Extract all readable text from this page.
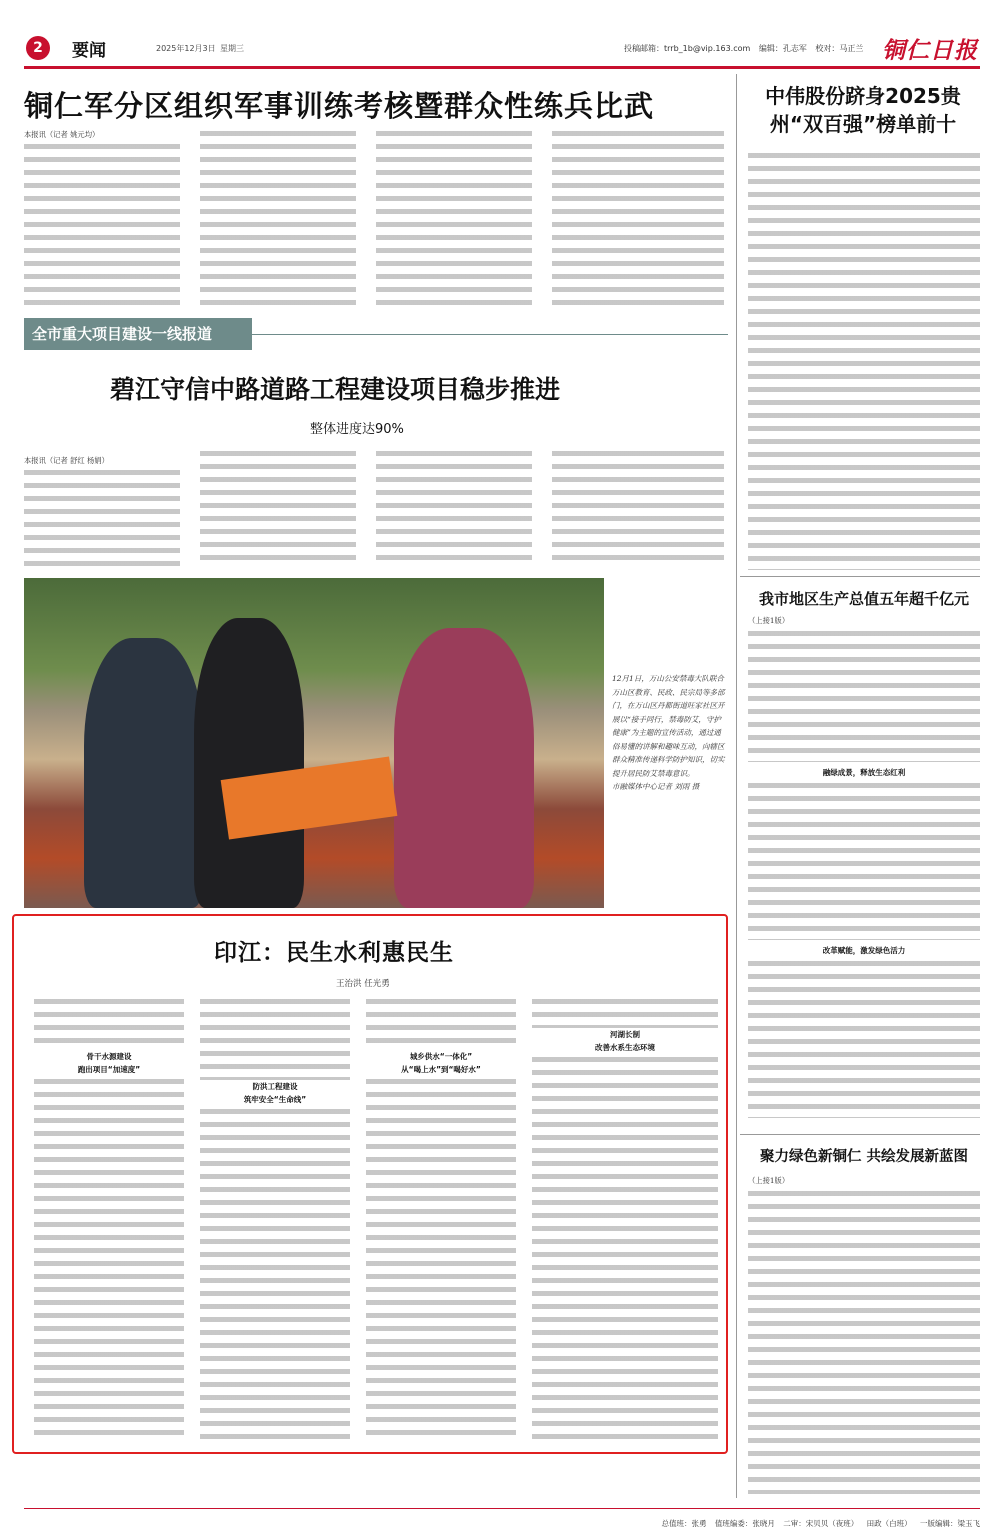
2	要闻	2025年12月3日 星期三	投稿邮箱：trrb_1b@vip.163.com 编辑：孔志军 校对：马正兰 铜仁日报
铜仁军分区组织军事训练考核暨群众性练兵比武
本报讯（记者 姚元均）
全市重大项目建设一线报道
碧江守信中路道路工程建设项目稳步推进
整体进度达90%
本报讯（记者 舒红 杨娟）
12月1日，万山公安禁毒大队联合万山区教育、民政、民宗局等多部门，在万山区丹都街道旺家社区开展以“接手同行，禁毒防艾，守护健康”为主题的宣传活动，通过通俗易懂的讲解和趣味互动，向辖区群众精准传递科学防护知识，切实提升居民防艾禁毒意识。
市融媒体中心记者 刘雨 摄
印江：民生水利惠民生
王治洪 任光勇
骨干水源建设
跑出项目“加速度”
防洪工程建设
筑牢安全“生命线”
城乡供水“一体化”
从“喝上水”到“喝好水”
河湖长制
改善水系生态环境
中伟股份跻身2025贵州“双百强”榜单前十
我市地区生产总值五年超千亿元
（上接1版）
融绿成景，释放生态红利
改革赋能，激发绿色活力
聚力绿色新铜仁 共绘发展新蓝图
（上接1版）
总值班：张勇 值班编委：张晓月 二审：宋贝贝（夜班） 田政（白班） 一版编辑：梁玉飞
